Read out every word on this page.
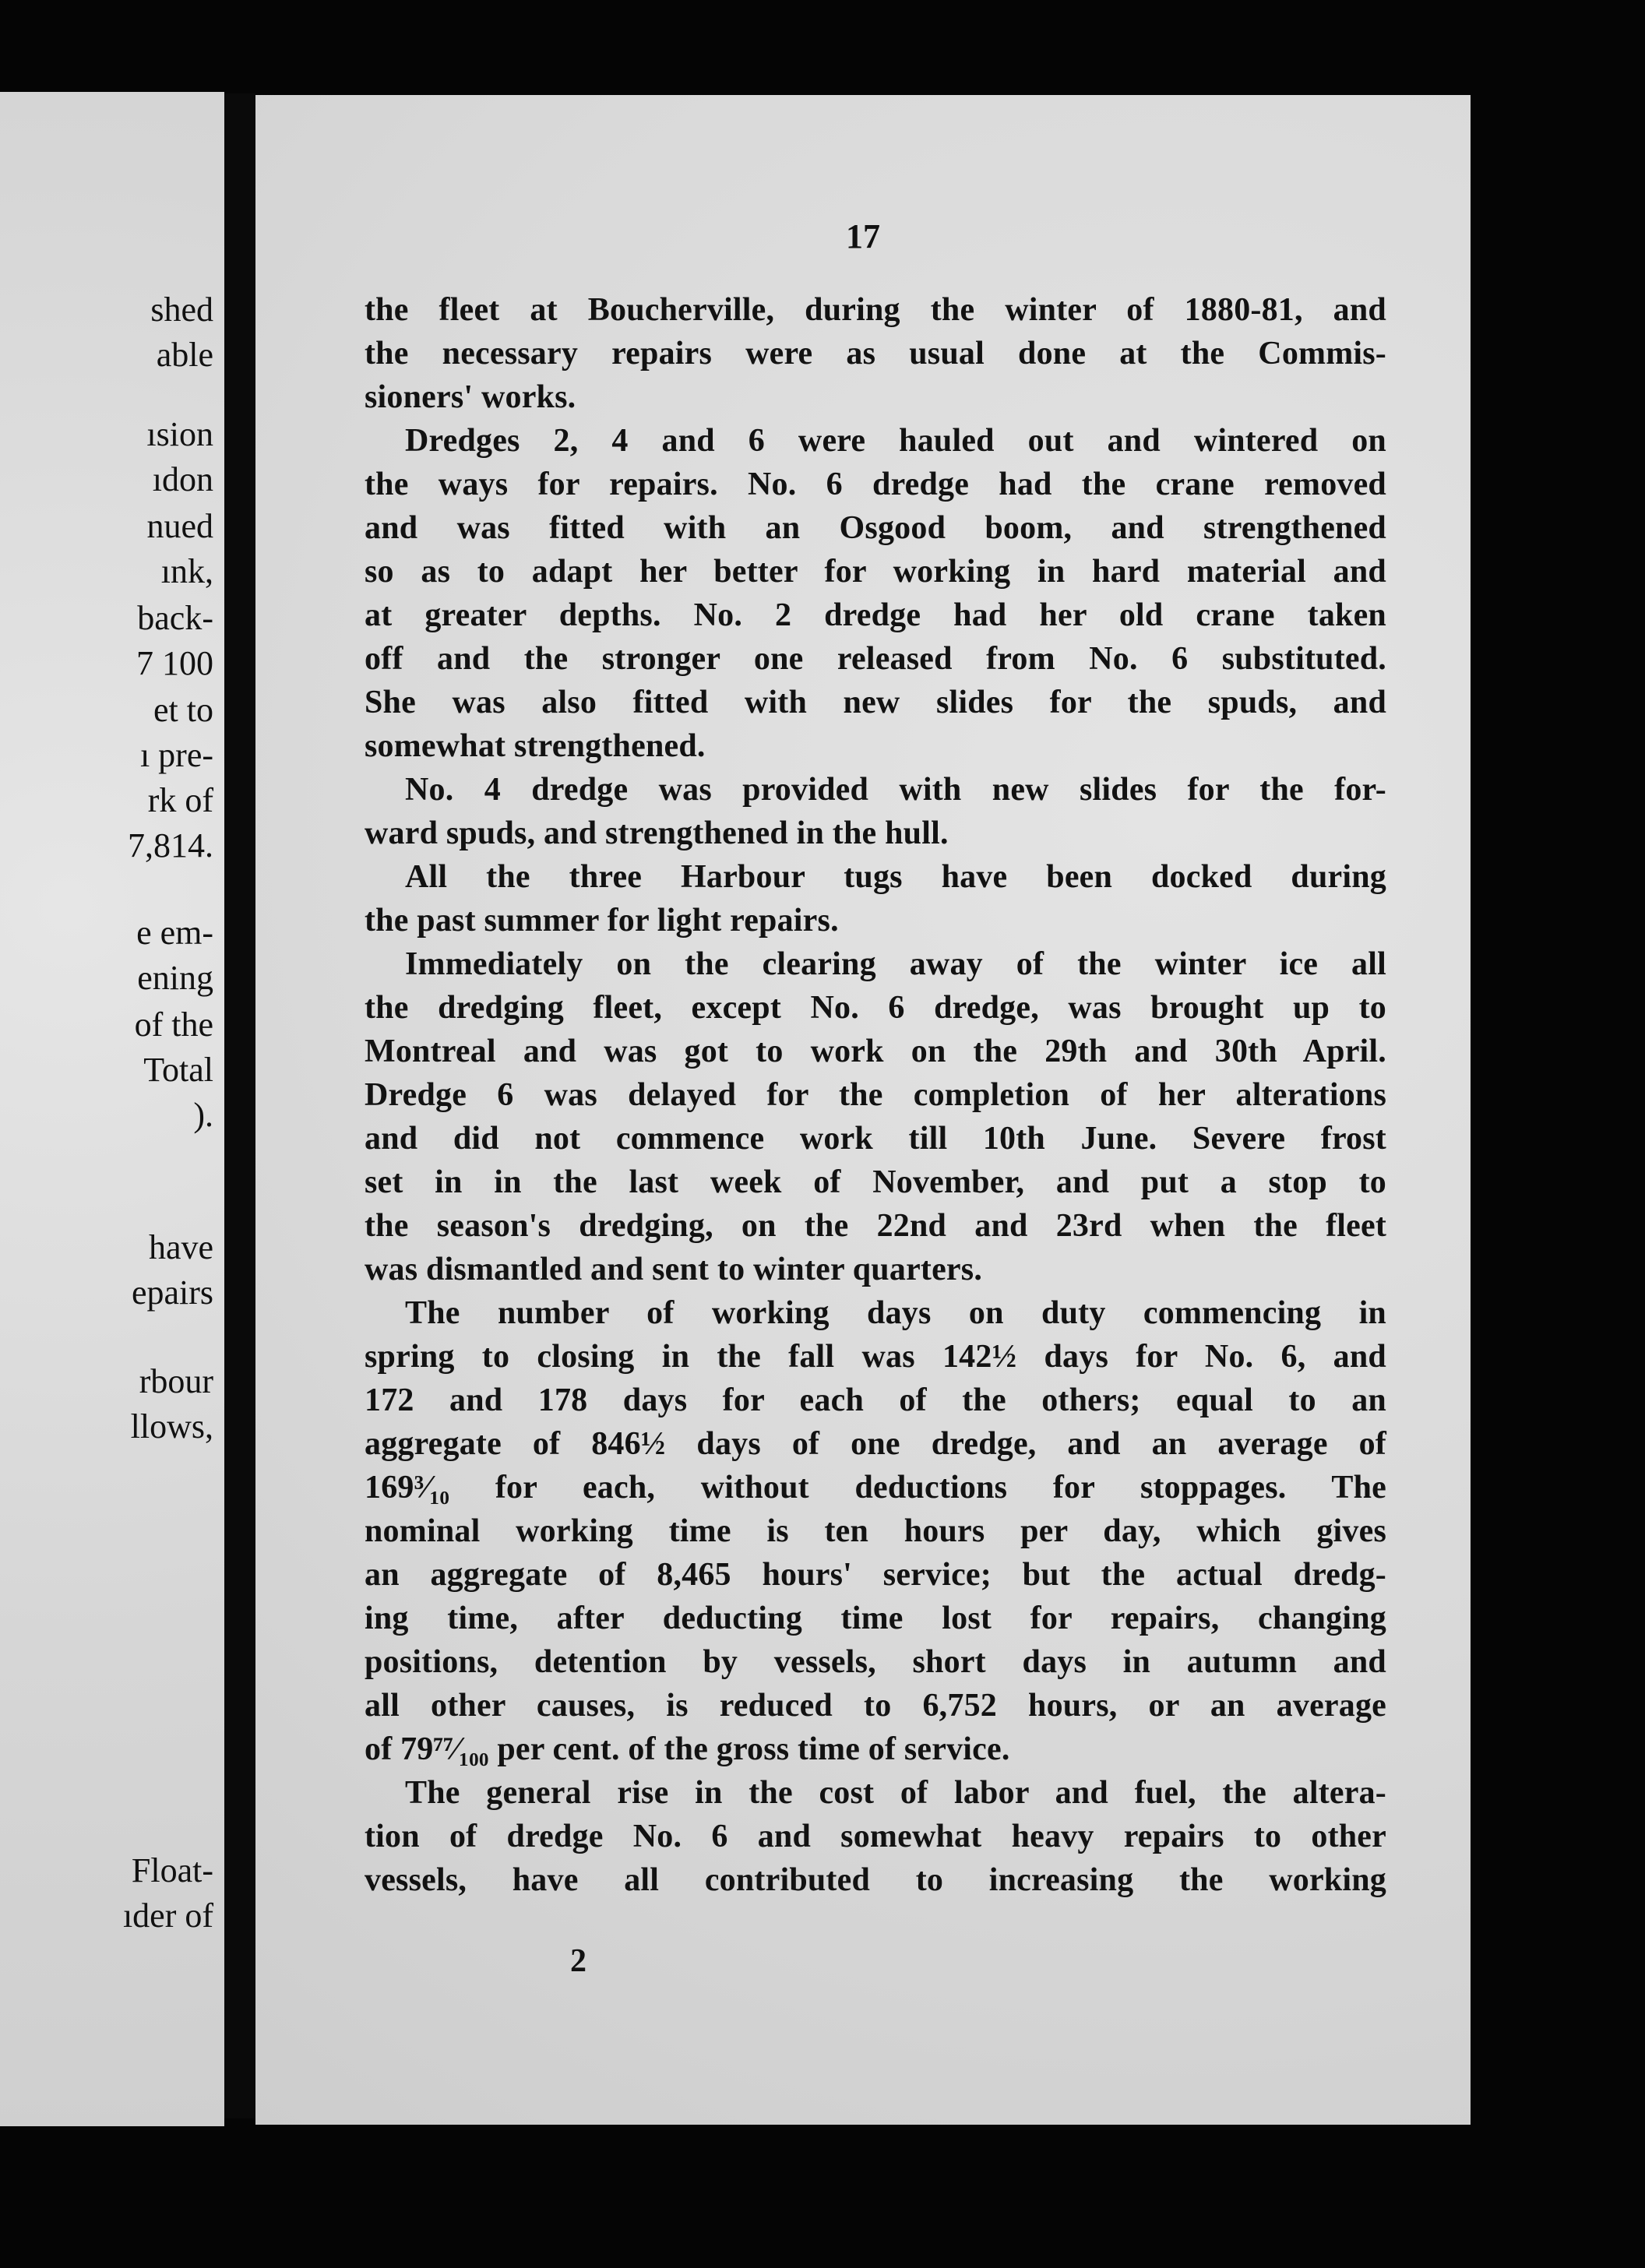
shed
able
ısion
ıdon
nued
ınk,
back-
7 100
et to
ı pre-
rk of
7,814.
e em-
ening
of the
Total
).
have
epairs
rbour
llows,
Float-
ıder of
17
the fleet at Boucherville, during the winter of 1880-81, and
the necessary repairs were as usual done at the Commis-
sioners' works.
Dredges 2, 4 and 6 were hauled out and wintered on
the ways for repairs. No. 6 dredge had the crane removed
and was fitted with an Osgood boom, and strengthened
so as to adapt her better for working in hard material and
at greater depths. No. 2 dredge had her old crane taken
off and the stronger one released from No. 6 substituted.
She was also fitted with new slides for the spuds, and
somewhat strengthened.
No. 4 dredge was provided with new slides for the for-
ward spuds, and strengthened in the hull.
All the three Harbour tugs have been docked during
the past summer for light repairs.
Immediately on the clearing away of the winter ice all
the dredging fleet, except No. 6 dredge, was brought up to
Montreal and was got to work on the 29th and 30th April.
Dredge 6 was delayed for the completion of her alterations
and did not commence work till 10th June. Severe frost
set in in the last week of November, and put a stop to
the season's dredging, on the 22nd and 23rd when the fleet
was dismantled and sent to winter quarters.
The number of working days on duty commencing in
spring to closing in the fall was 142½ days for No. 6, and
172 and 178 days for each of the others; equal to an
aggregate of 846½ days of one dredge, and an average of
169³⁄₁₀ for each, without deductions for stoppages. The
nominal working time is ten hours per day, which gives
an aggregate of 8,465 hours' service; but the actual dredg-
ing time, after deducting time lost for repairs, changing
positions, detention by vessels, short days in autumn and
all other causes, is reduced to 6,752 hours, or an average
of 79⁷⁷⁄₁₀₀ per cent. of the gross time of service.
The general rise in the cost of labor and fuel, the altera-
tion of dredge No. 6 and somewhat heavy repairs to other
vessels, have all contributed to increasing the working
2
